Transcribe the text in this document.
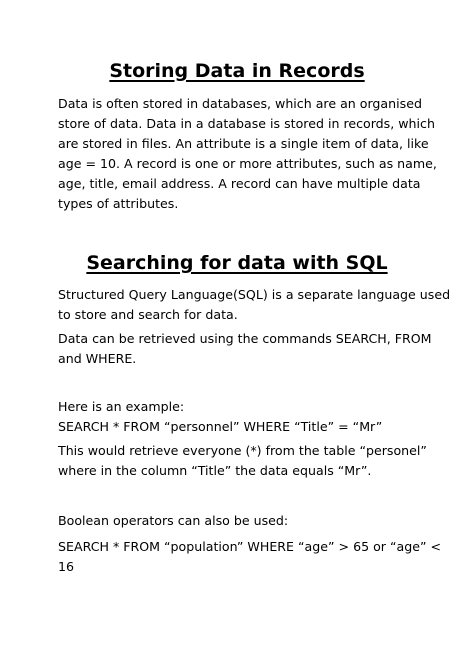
Storing Data in Records
Data is often stored in databases, which are an organised
store of data. Data in a database is stored in records, which
are stored in files. An attribute is a single item of data, like
age = 10. A record is one or more attributes, such as name,
age, title, email address. A record can have multiple data
types of attributes.
Searching for data with SQL
Structured Query Language(SQL) is a separate language used
to store and search for data.
Data can be retrieved using the commands SEARCH, FROM
and WHERE.
Here is an example:
SEARCH * FROM “personnel” WHERE “Title” = “Mr”
This would retrieve everyone (*) from the table “personel”
where in the column “Title” the data equals “Mr”.
Boolean operators can also be used:
SEARCH * FROM “population” WHERE “age” > 65 or “age” <
16
